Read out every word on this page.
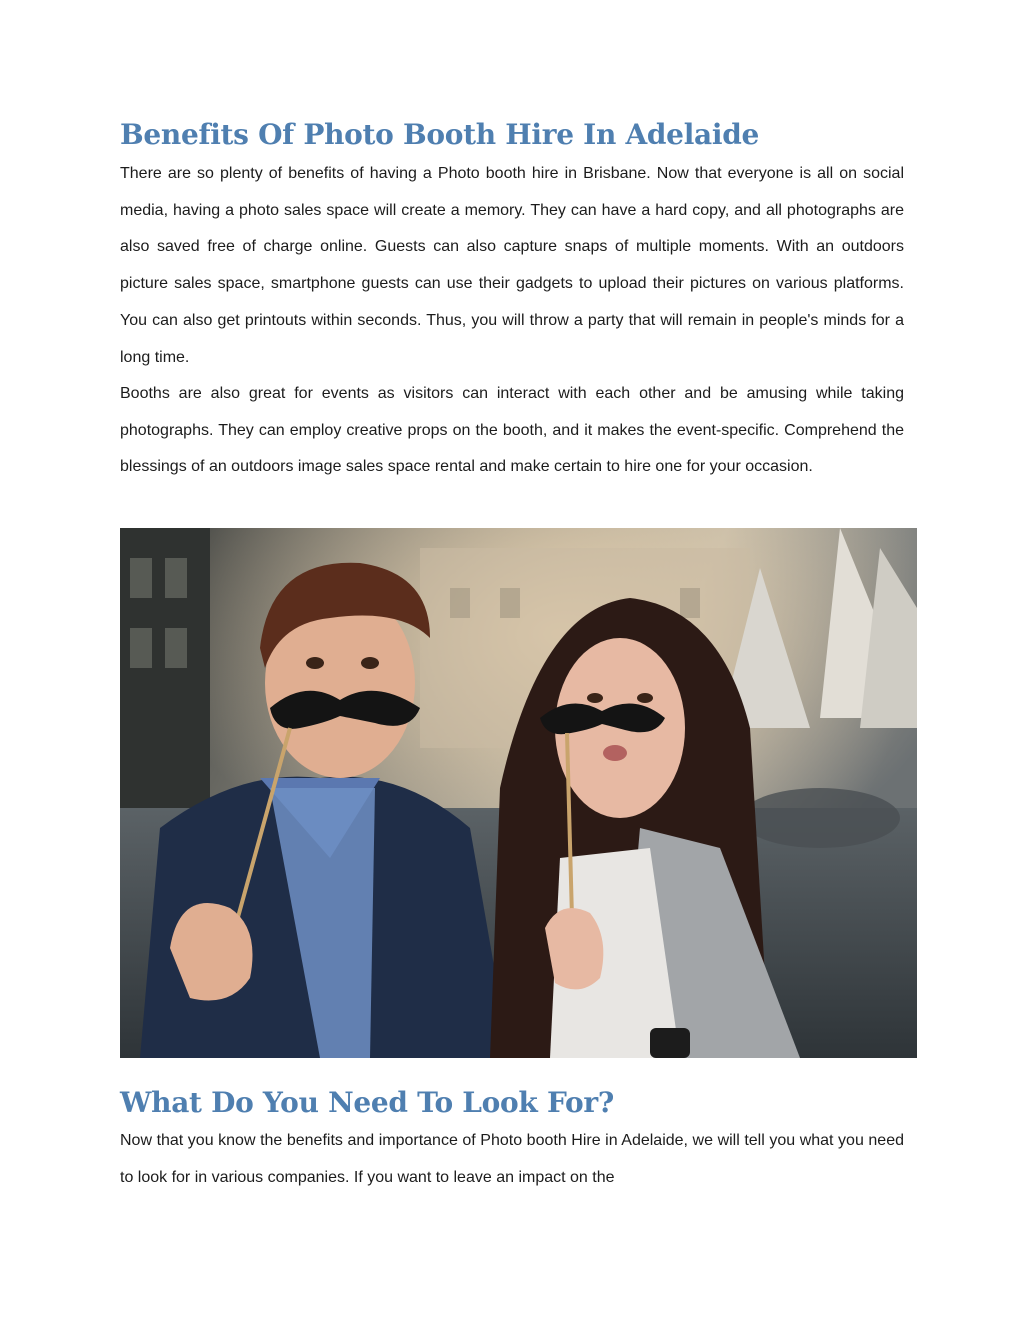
Benefits Of Photo Booth Hire In Adelaide

There are so plenty of benefits of having a Photo booth hire in Brisbane. Now that everyone is all on social media, having a photo sales space will create a memory. They can have a hard copy, and all photographs are also saved free of charge online. Guests can also capture snaps of multiple moments. With an outdoors picture sales space, smartphone guests can use their gadgets to upload their pictures on various platforms. You can also get printouts within seconds. Thus, you will throw a party that will remain in people's minds for a long time.

Booths are also great for events as visitors can interact with each other and be amusing while taking photographs. They can employ creative props on the booth, and it makes the event-specific. Comprehend the blessings of an outdoors image sales space rental and make certain to hire one for your occasion.

What Do You Need To Look For?

Now that you know the benefits and importance of Photo booth Hire in Adelaide, we will tell you what you need to look for in various companies. If you want to leave an impact on the
